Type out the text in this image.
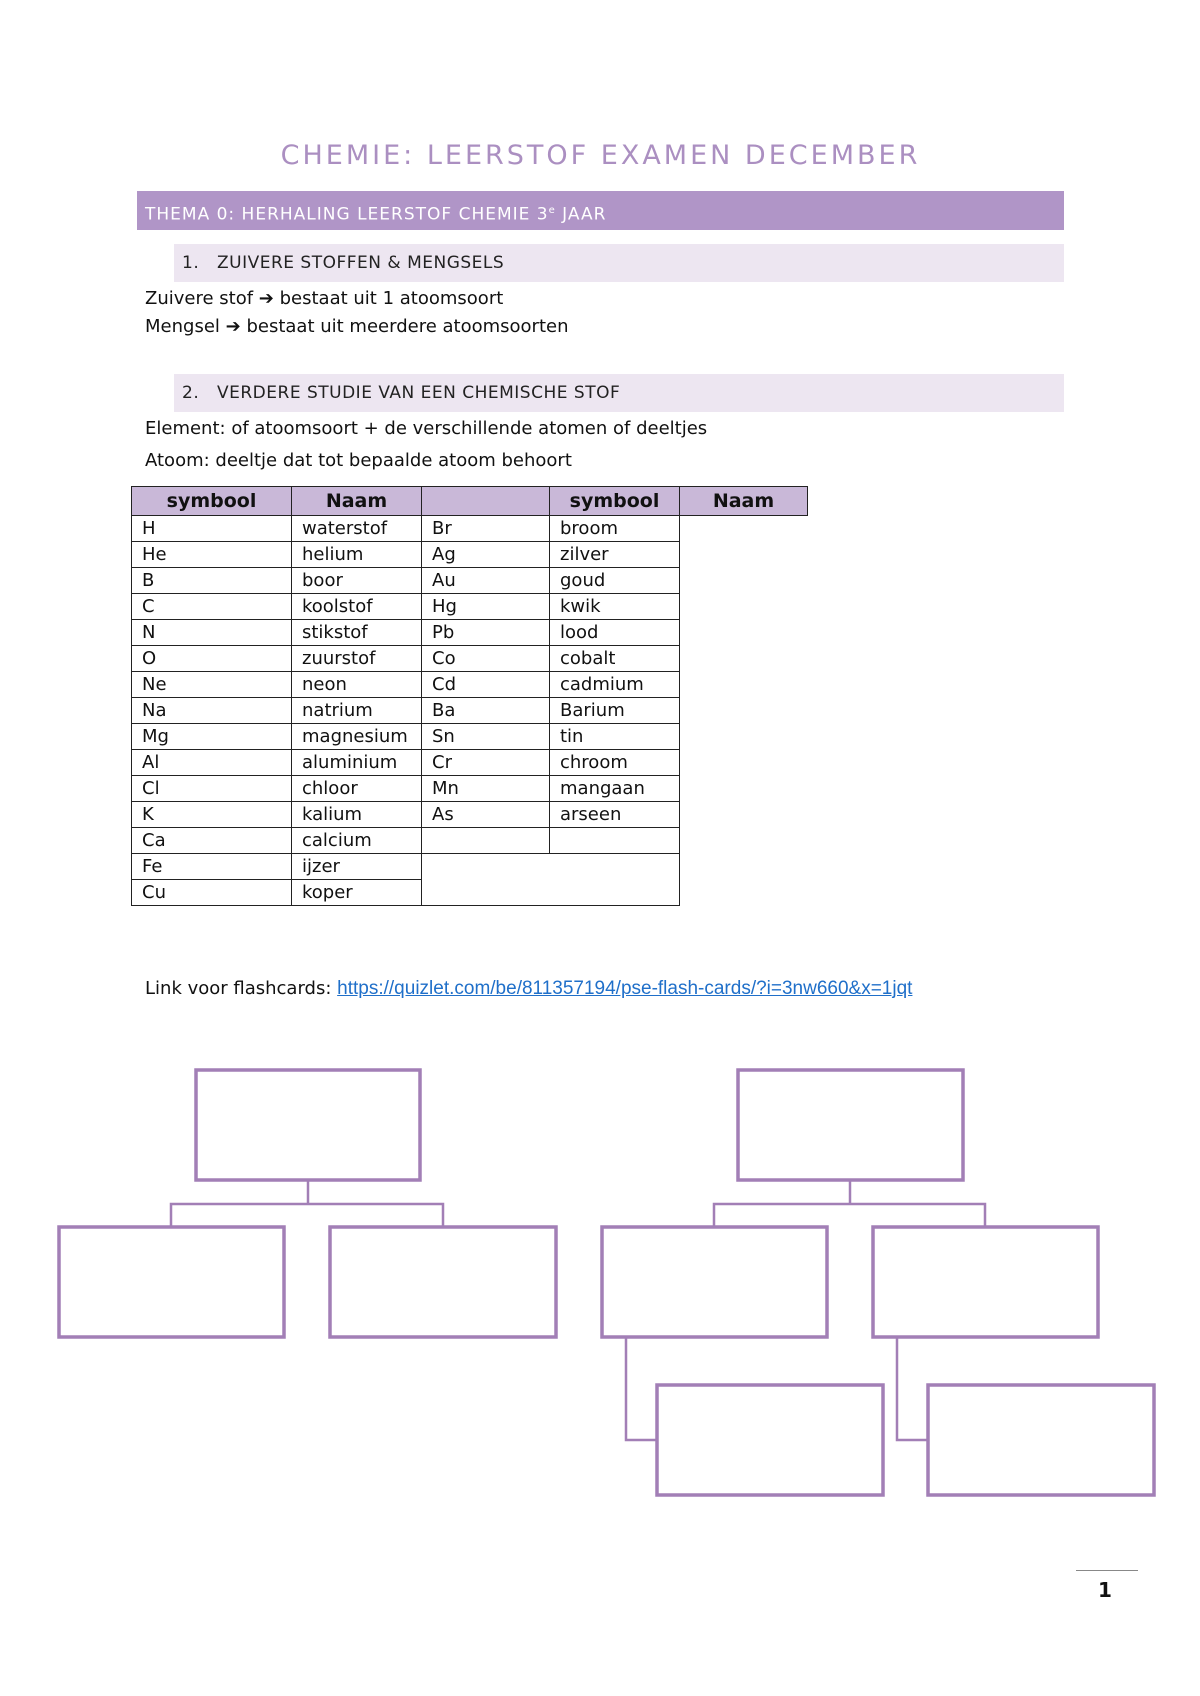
CHEMIE: LEERSTOF EXAMEN DECEMBER
THEMA 0: HERHALING LEERSTOF CHEMIE 3e JAAR
1. ZUIVERE STOFFEN & MENGSELS
Zuivere stof ➔ bestaat uit 1 atoomsoort
Mengsel ➔ bestaat uit meerdere atoomsoorten
2. VERDERE STUDIE VAN EEN CHEMISCHE STOF
Element: of atoomsoort + de verschillende atomen of deeltjes
Atoom: deeltje dat tot bepaalde atoom behoort
symbool	Naam		symbool	Naam
H	waterstof	Br	broom	
He	helium	Ag	zilver	
B	boor	Au	goud	
C	koolstof	Hg	kwik	
N	stikstof	Pb	lood	
O	zuurstof	Co	cobalt	
Ne	neon	Cd	cadmium	
Na	natrium	Ba	Barium	
Mg	magnesium	Sn	tin	
Al	aluminium	Cr	chroom	
Cl	chloor	Mn	mangaan	
K	kalium	As	arseen	
Ca	calcium			
Fe	ijzer			
Cu	koper			
Link voor flashcards: https://quizlet.com/be/811357194/pse-flash-cards/?i=3nw660&x=1jqt
1
